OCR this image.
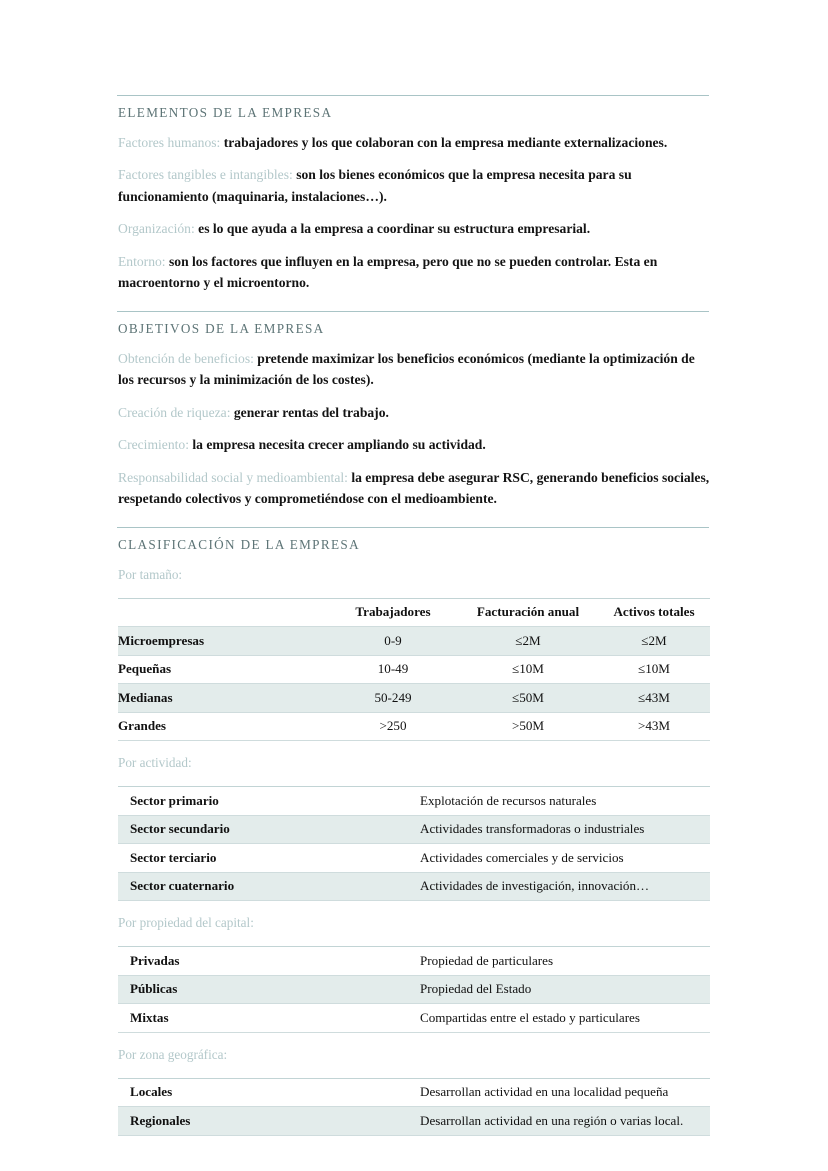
ELEMENTOS DE LA EMPRESA

Factores humanos: trabajadores y los que colaboran con la empresa mediante externalizaciones.

Factores tangibles e intangibles: son los bienes económicos que la empresa necesita para su funcionamiento (maquinaria, instalaciones…).

Organización: es lo que ayuda a la empresa a coordinar su estructura empresarial.

Entorno: son los factores que influyen en la empresa, pero que no se pueden controlar. Esta en macroentorno y el microentorno.

OBJETIVOS DE LA EMPRESA

Obtención de beneficios: pretende maximizar los beneficios económicos (mediante la optimización de los recursos y la minimización de los costes).

Creación de riqueza: generar rentas del trabajo.

Crecimiento: la empresa necesita crecer ampliando su actividad.

Responsabilidad social y medioambiental: la empresa debe asegurar RSC, generando beneficios sociales, respetando colectivos y comprometiéndose con el medioambiente.

CLASIFICACIÓN DE LA EMPRESA
Por tamaño:
	Trabajadores	Facturación anual	Activos totales
Microempresas	0-9	≤2M	≤2M
Pequeñas	10-49	≤10M	≤10M
Medianas	50-249	≤50M	≤43M
Grandes	>250	>50M	>43M
Por actividad:
Sector primario	Explotación de recursos naturales
Sector secundario	Actividades transformadoras o industriales
Sector terciario	Actividades comerciales y de servicios
Sector cuaternario	Actividades de investigación, innovación…
Por propiedad del capital:
Privadas	Propiedad de particulares
Públicas	Propiedad del Estado
Mixtas	Compartidas entre el estado y particulares
Por zona geográfica:
Locales	Desarrollan actividad en una localidad pequeña
Regionales	Desarrollan actividad en una región o varias local.
